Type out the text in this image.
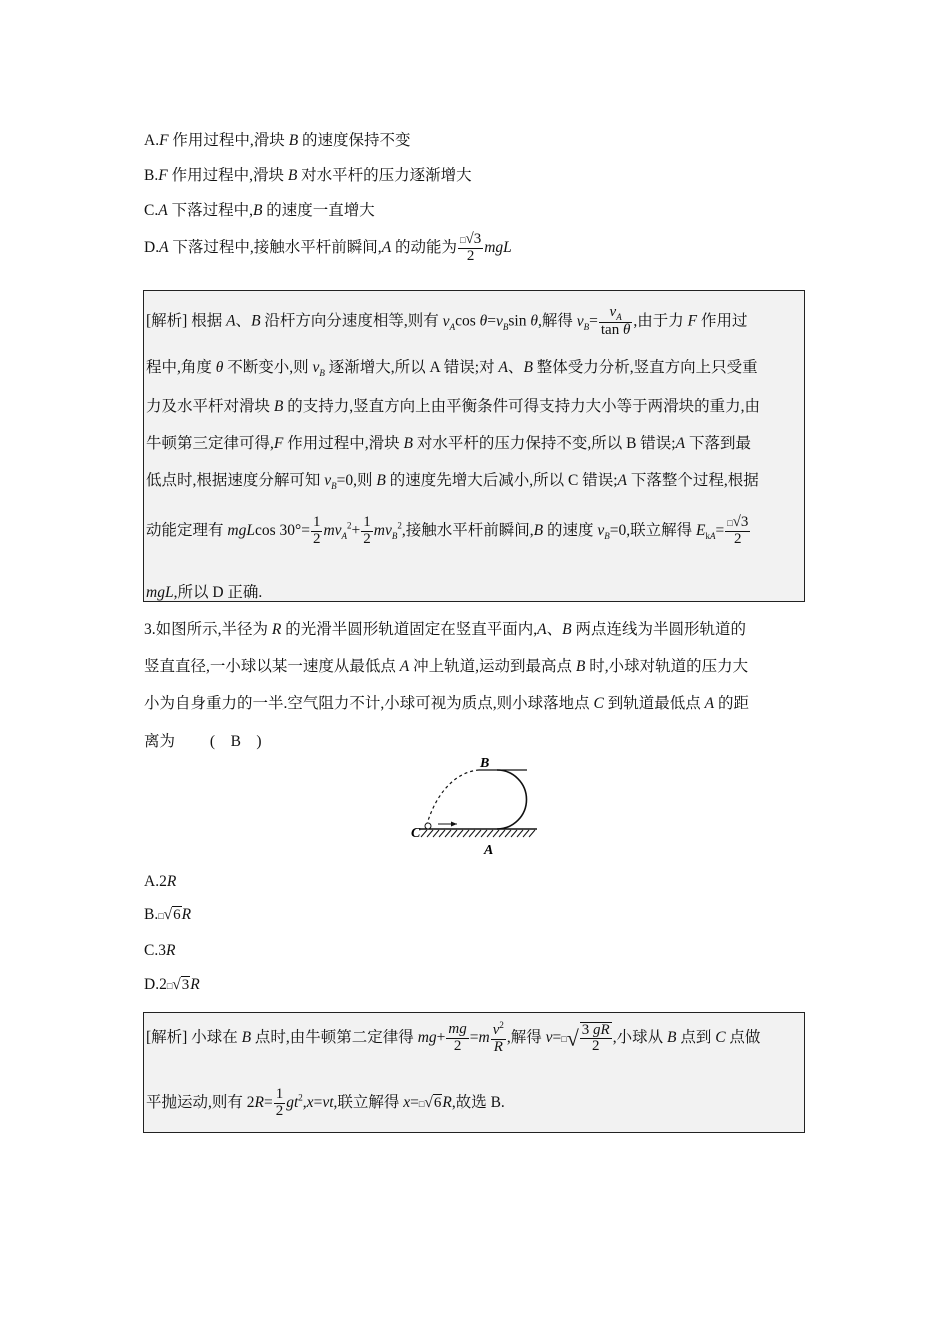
A.F 作用过程中,滑块 B 的速度保持不变
B.F 作用过程中,滑块 B 对水平杆的压力逐渐增大
C.A 下落过程中,B 的速度一直增大
D.A 下落过程中,接触水平杆前瞬间,A 的动能为 $\frac{□√3}{2}$ mgL
[解析] 根据 A、B 沿杆方向分速度相等,则有 $v_A\cos$ $\theta=v_B\sin$ θ,解得 $v_B= \frac{v_A}{\text{tan θ}}$ ,由于力 F 作用过
程中,角度 θ 不断变小,则 $v_B$ 逐渐增大,所以 A 错误;对 A、B 整体受力分析,竖直方向上只受重
力及水平杆对滑块 B 的支持力,竖直方向上由平衡条件可得支持力大小等于两滑块的重力,由
牛顿第三定律可得,F 作用过程中,滑块 B 对水平杆的压力保持不变,所以 B 错误;A 下落到最
低点时,根据速度分解可知 $v_B=0$,则 B 的速度先增大后减小,所以 C 错误;A 下落整个过程,根据
动能定理有 mgLcos $30^\circ= \frac{1}{2} mv_A^2+ \frac{1}{2} mv_B^2$,接触水平杆前瞬间,B 的速度 $v_B=0$,联立解得 $E_{kA}= \frac{□√3}{2}$
mgL,所以 D 正确.
3.如图所示,半径为 R 的光滑半圆形轨道固定在竖直平面内,A、B 两点连线为半圆形轨道的
竖直直径,一小球以某一速度从最低点 A 冲上轨道,运动到最高点 B 时,小球对轨道的压力大
小为自身重力的一半.空气阻力不计,小球可视为质点,则小球落地点 C 到轨道最低点 A 的距
离为　　 (　B　)
B
C
A
A.2R
B.□√6R
C.3R
D.2□√3R
[解析] 小球在 B 点时,由牛顿第二定律得 $mg+ \frac{mg}{2} =m \frac{v^2}{R}$ ,解得 v=□√ $\frac{3 gR}{2}$ ,小球从 B 点到 C 点做
平抛运动,则有 $2R= \frac{1}{2} gt^2,x=vt$,联立解得 x=□√6R,故选 B.
